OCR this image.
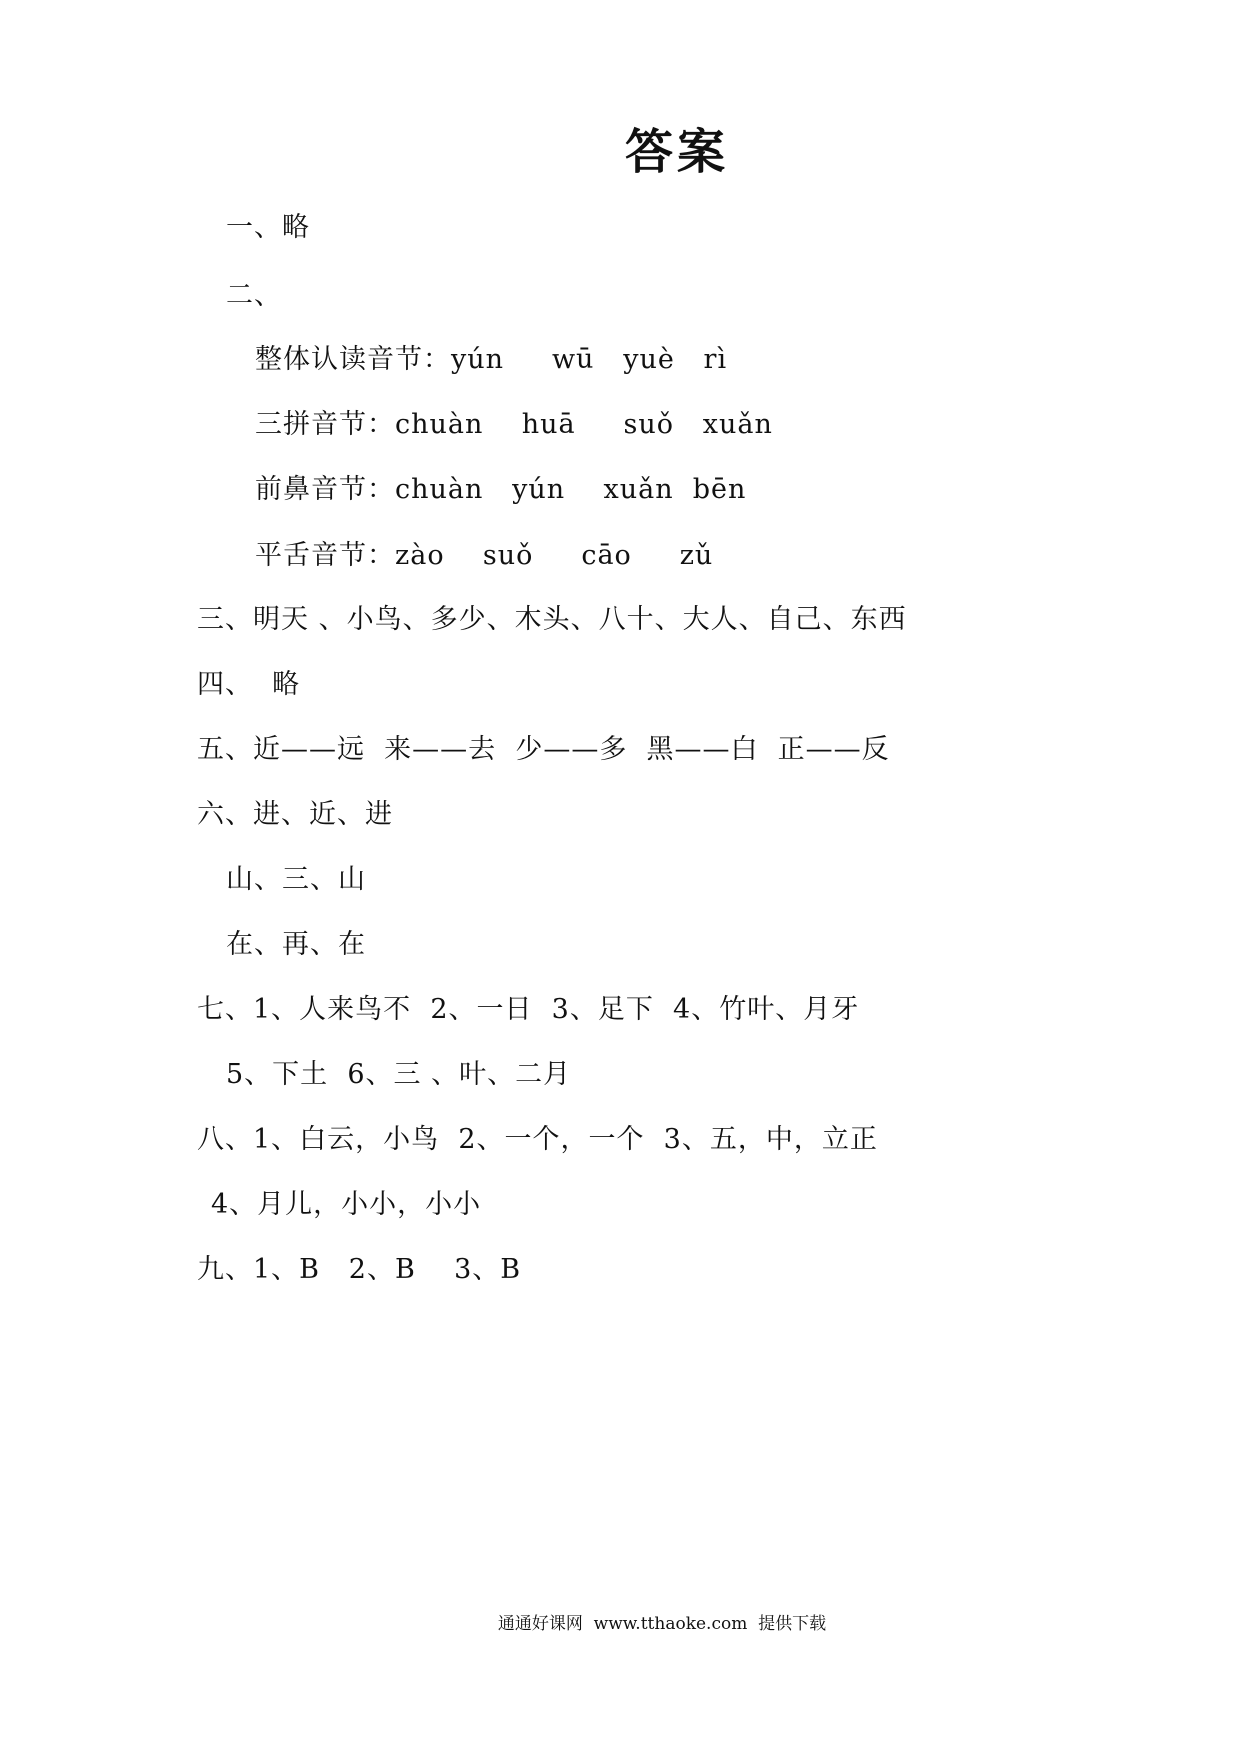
答案
一、略
二、
整体认读音节：yún     wū   yuè   rì
三拼音节：chuàn    huā     suǒ   xuǎn
前鼻音节：chuàn   yún    xuǎn  bēn
平舌音节：zào    suǒ     cāo     zǔ
三、明天 、小鸟、多少、木头、八十、大人、自己、东西
四、  略
五、近——远  来——去  少——多  黑——白  正——反
六、进、近、进
山、三、山
在、再、在
七、1、人来鸟不  2、一日  3、足下  4、竹叶、月牙
5、下土  6、三 、叶、二月
八、1、白云，小鸟  2、一个，一个  3、五，中，立正
4、月儿，小小，小小
九、1、B   2、B    3、B
通通好课网  www.tthaoke.com  提供下载
